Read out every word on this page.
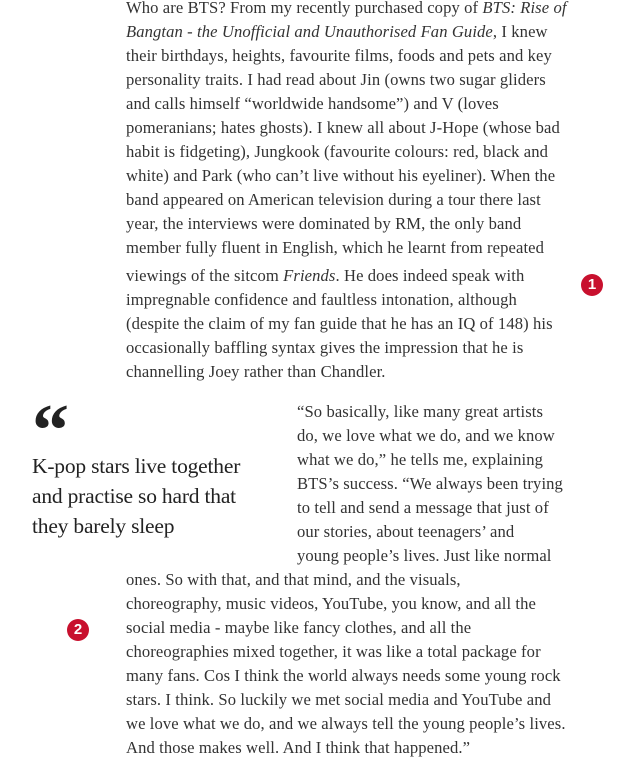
Who are BTS? From my recently purchased copy of BTS: Rise of
Bangtan - the Unofficial and Unauthorised Fan Guide, I knew
their birthdays, heights, favourite films, foods and pets and key
personality traits. I had read about Jin (owns two sugar gliders
and calls himself “worldwide handsome”) and V (loves
pomeranians; hates ghosts). I knew all about J-Hope (whose bad
habit is fidgeting), Jungkook (favourite colours: red, black and
white) and Park (who can’t live without his eyeliner). When the
band appeared on American television during a tour there last
year, the interviews were dominated by RM, the only band
member fully fluent in English, which he learnt from repeated
viewings of the sitcom Friends. He does indeed speak with
impregnable confidence and faultless intonation, although
(despite the claim of my fan guide that he has an IQ of 148) his
occasionally baffling syntax gives the impression that he is
channelling Joey rather than Chandler.
1
“
K-pop stars live together
and practise so hard that
they barely sleep
“So basically, like many great artists
do, we love what we do, and we know
what we do,” he tells me, explaining
BTS’s success. “We always been trying
to tell and send a message that just of
our stories, about teenagers’ and
young people’s lives. Just like normal
ones. So with that, and that mind, and the visuals,
choreography, music videos, YouTube, you know, and all the
social media - maybe like fancy clothes, and all the
choreographies mixed together, it was like a total package for
many fans. Cos I think the world always needs some young rock
stars. I think. So luckily we met social media and YouTube and
we love what we do, and we always tell the young people’s lives.
And those makes well. And I think that happened.”
2
